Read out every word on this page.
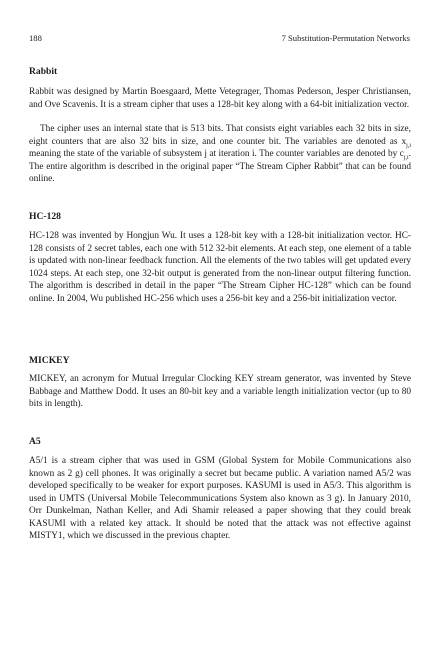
188	7 Substitution-Permutation Networks
Rabbit

Rabbit was designed by Martin Boesgaard, Mette Vetegrager, Thomas Pederson, Jesper Christiansen, and Ove Scavenis. It is a stream cipher that uses a 128-bit key along with a 64-bit initialization vector.

The cipher uses an internal state that is 513 bits. That consists eight variables each 32 bits in size, eight counters that are also 32 bits in size, and one counter bit. The variables are denoted as $x_{j,i}$ meaning the state of the variable of subsystem j at iteration i. The counter variables are denoted by $c_{j,i}$. The entire algorithm is described in the original paper “The Stream Cipher Rabbit” that can be found online.

HC-128

HC-128 was invented by Hongjun Wu. It uses a 128-bit key with a 128-bit initialization vector. HC-128 consists of 2 secret tables, each one with 512 32-bit elements. At each step, one element of a table is updated with non-linear feedback function. All the elements of the two tables will get updated every 1024 steps. At each step, one 32-bit output is generated from the non-linear output filtering function. The algorithm is described in detail in the paper “The Stream Cipher HC-128” which can be found online. In 2004, Wu published HC-256 which uses a 256-bit key and a 256-bit initialization vector.

MICKEY

MICKEY, an acronym for Mutual Irregular Clocking KEY stream generator, was invented by Steve Babbage and Matthew Dodd. It uses an 80-bit key and a variable length initialization vector (up to 80 bits in length).

A5

A5/1 is a stream cipher that was used in GSM (Global System for Mobile Communications also known as 2 g) cell phones. It was originally a secret but became public. A variation named A5/2 was developed specifically to be weaker for export purposes. KASUMI is used in A5/3. This algorithm is used in UMTS (Universal Mobile Telecommunications System also known as 3 g). In January 2010, Orr Dunkelman, Nathan Keller, and Adi Shamir released a paper showing that they could break KASUMI with a related key attack. It should be noted that the attack was not effective against MISTY1, which we discussed in the previous chapter.
